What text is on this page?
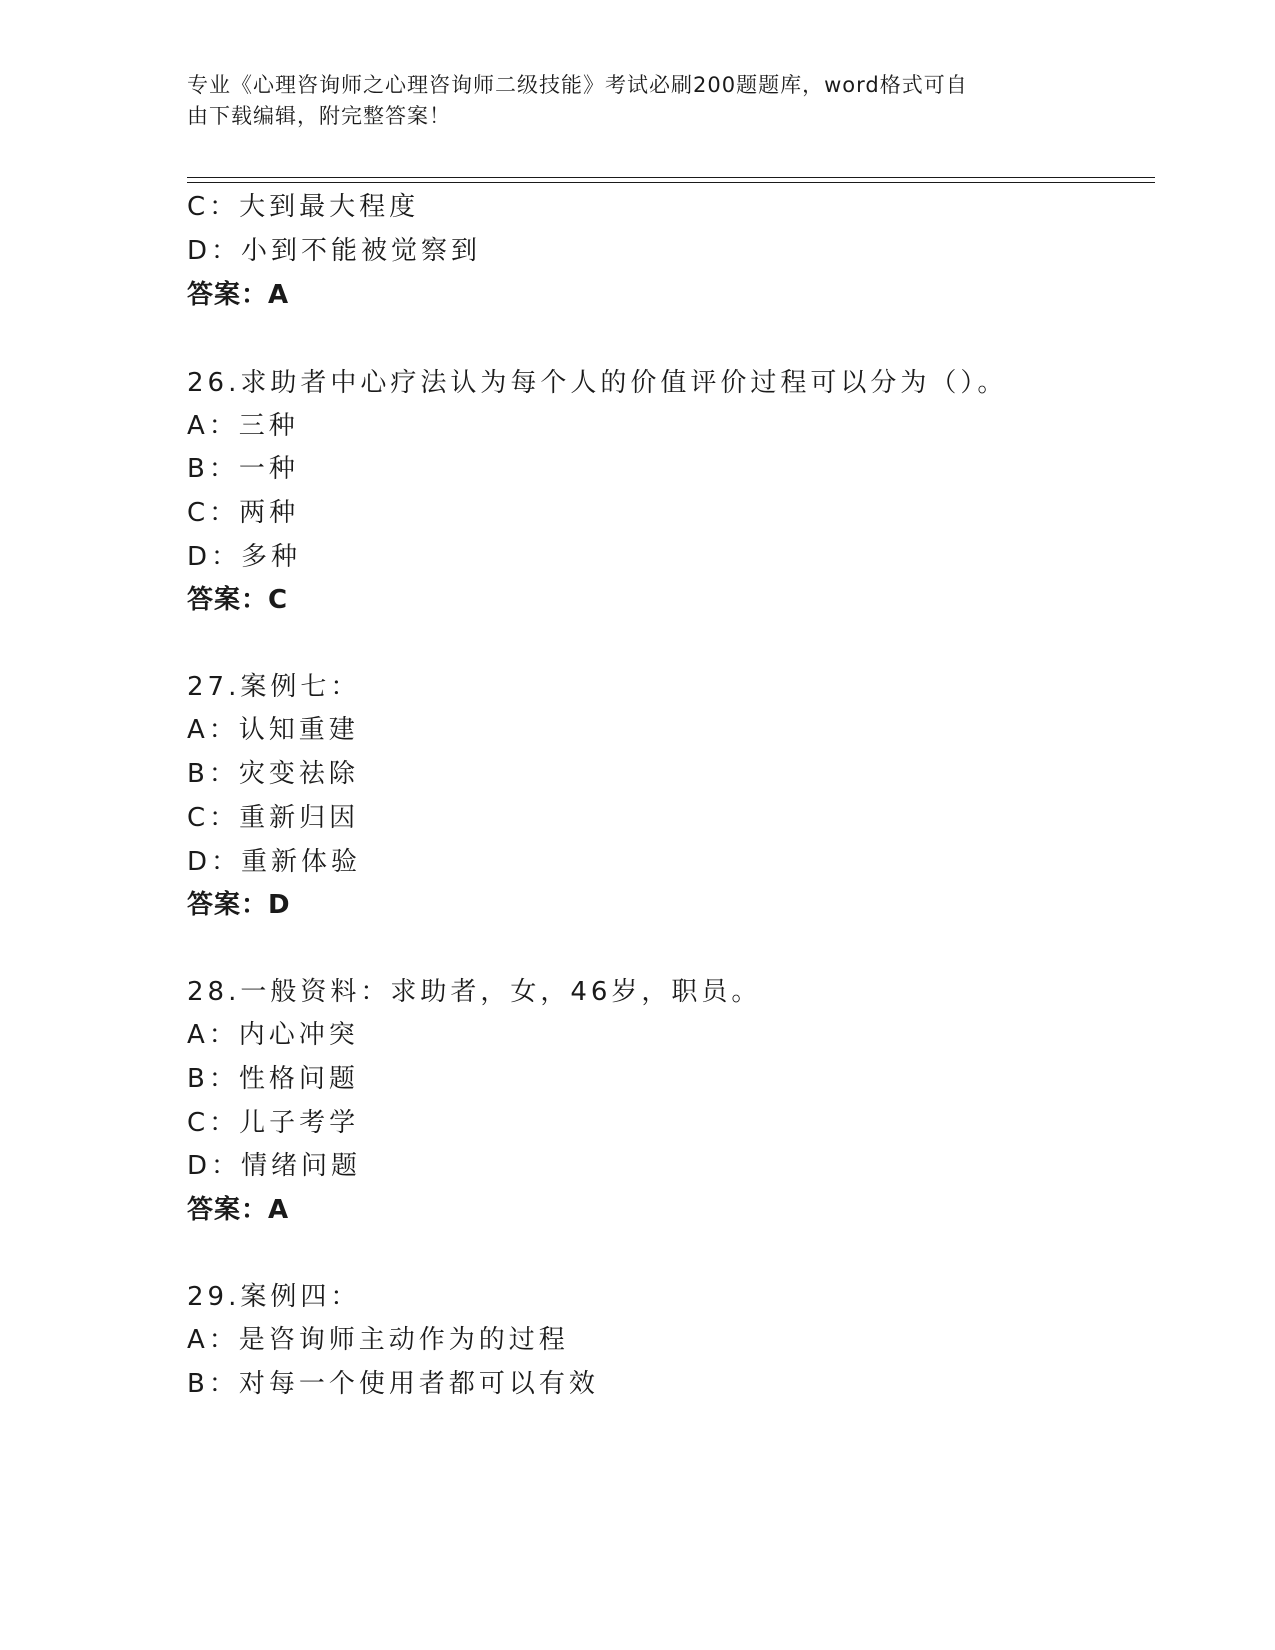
专业《心理咨询师之心理咨询师二级技能》考试必刷200题题库，word格式可自
由下载编辑，附完整答案！
C：大到最大程度
D：小到不能被觉察到
答案：A
26.求助者中心疗法认为每个人的价值评价过程可以分为（）。
A：三种
B：一种
C：两种
D：多种
答案：C
27.案例七：
A：认知重建
B：灾变祛除
C：重新归因
D：重新体验
答案：D
28.一般资料：求助者，女，46岁，职员。
A：内心冲突
B：性格问题
C：儿子考学
D：情绪问题
答案：A
29.案例四：
A：是咨询师主动作为的过程
B：对每一个使用者都可以有效
